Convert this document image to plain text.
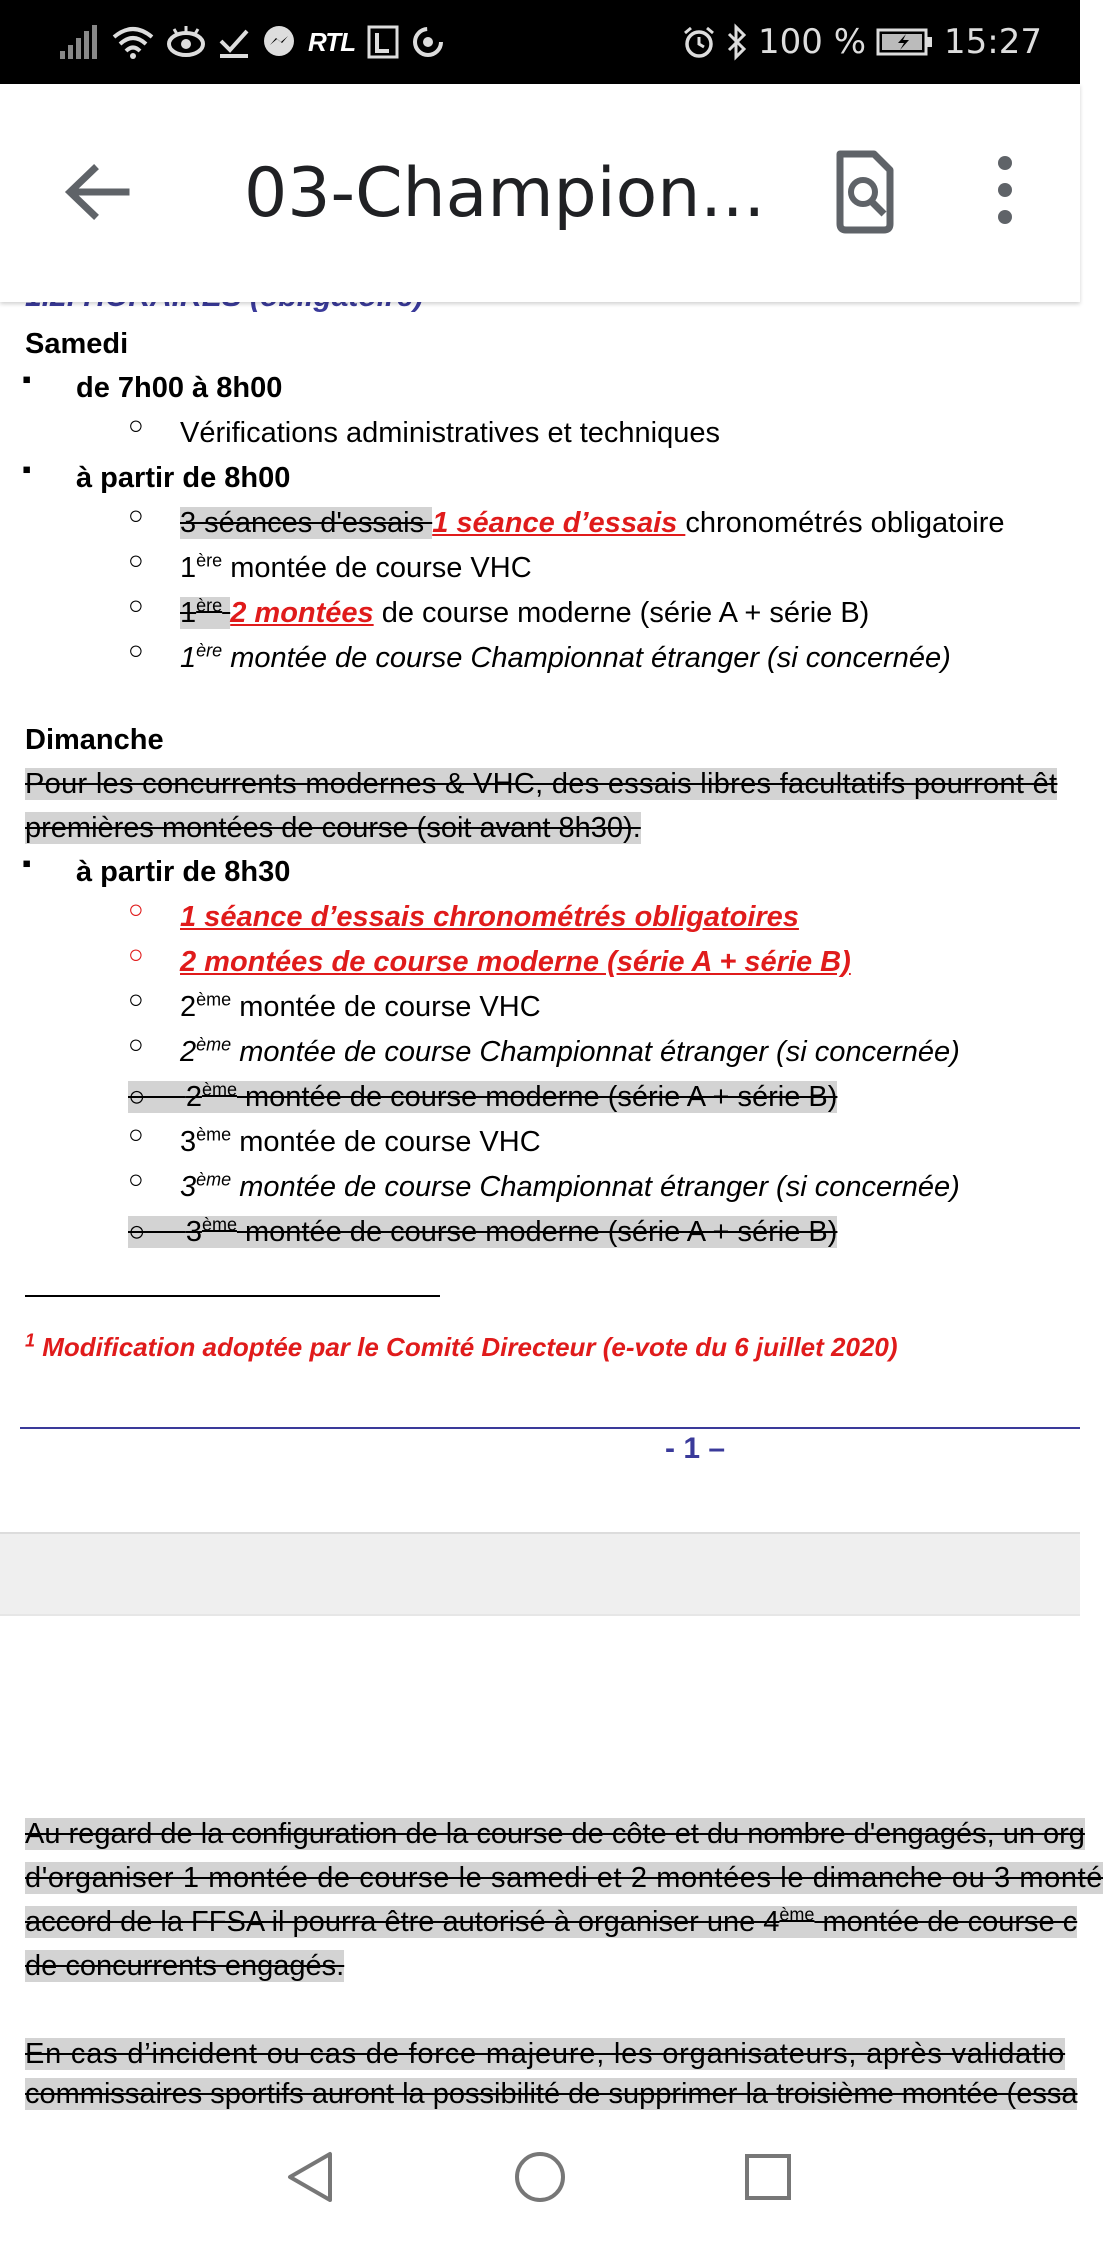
RTL	100 % 15:27
03-Champion...
Samedi
▪ de 7h00 à 8h00
○ Vérifications administratives et techniques
▪ à partir de 8h00
○ 3 séances d'essais 1 séance d’essais chronométrés obligatoire
○ 1ère montée de course VHC
○ 1ère 2 montées de course moderne (série A + série B)
○ 1ère montée de course Championnat étranger (si concernée)
Dimanche
Pour les concurrents modernes & VHC, des essais libres facultatifs pourront êt
premières montées de course (soit avant 8h30).
▪ à partir de 8h30
○ 1 séance d’essais chronométrés obligatoires
○ 2 montées de course moderne (série A + série B)
○ 2ème montée de course VHC
○ 2ème montée de course Championnat étranger (si concernée)
○     2ème montée de course moderne (série A + série B)
○ 3ème montée de course VHC
○ 3ème montée de course Championnat étranger (si concernée)
○     3ème montée de course moderne (série A + série B)
$^1$ Modification adoptée par le Comité Directeur (e-vote du 6 juillet 2020)
- 1 –
Au regard de la configuration de la course de côte et du nombre d'engagés, un org
d'organiser 1 montée de course le samedi et 2 montées le dimanche ou 3 monté
accord de la FFSA il pourra être autorisé à organiser une 4ème montée de course c
de concurrents engagés.
En cas d’incident ou cas de force majeure, les organisateurs, après validatio
commissaires sportifs auront la possibilité de supprimer la troisième montée (essa
